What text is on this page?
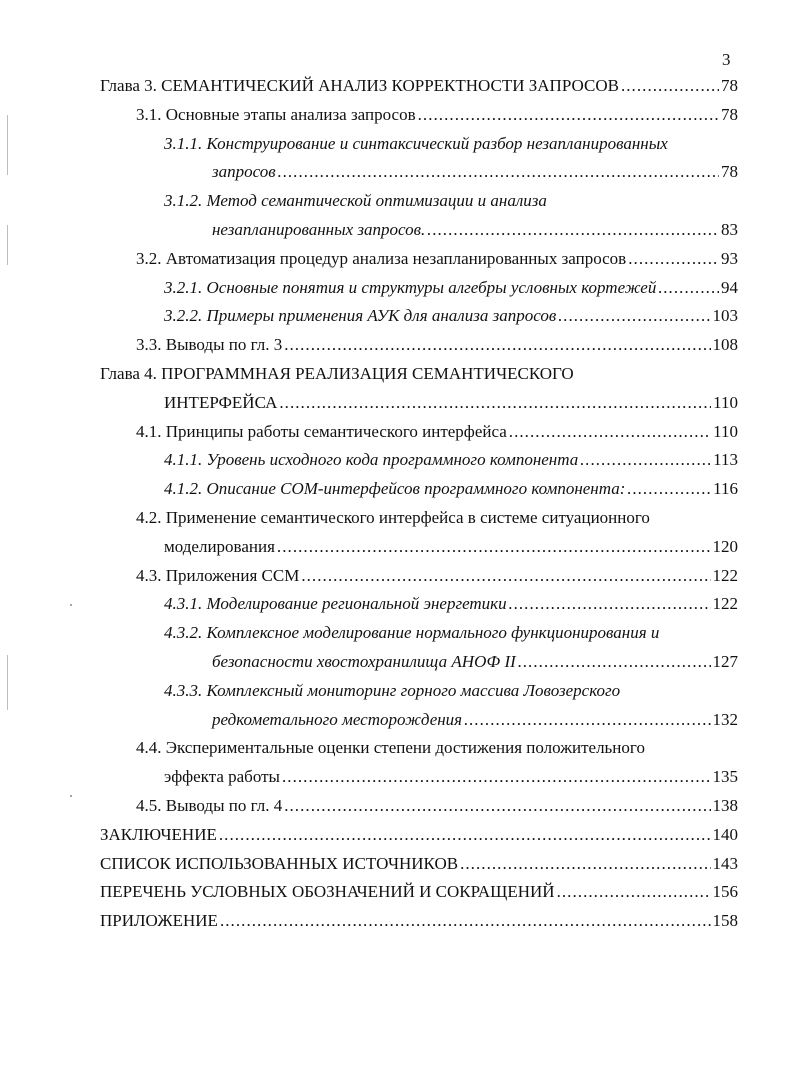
3
Глава 3. СЕМАНТИЧЕСКИЙ АНАЛИЗ КОРРЕКТНОСТИ ЗАПРОСОВ . . .	78
3.1. Основные этапы анализа запросов . . .	78
3.1.1. Конструирование и синтаксический разбор незапланированных
запросов . . .	78
3.1.2. Метод семантической оптимизации и анализа
незапланированных запросов. . . .	83
3.2. Автоматизация процедур анализа незапланированных запросов . . .	93
3.2.1. Основные понятия и структуры алгебры условных кортежей . . .	94
3.2.2. Примеры применения АУК для анализа запросов . . .	103
3.3. Выводы по гл. 3 . . .	108
Глава 4. ПРОГРАММНАЯ РЕАЛИЗАЦИЯ СЕМАНТИЧЕСКОГО
ИНТЕРФЕЙСА . . .	110
4.1. Принципы работы семантического интерфейса . . .	110
4.1.1. Уровень исходного кода программного компонента . . .	113
4.1.2. Описание COM-интерфейсов программного компонента: . . .	116
4.2. Применение семантического интерфейса в системе ситуационного
моделирования . . .	120
4.3. Приложения ССМ . . .	122
4.3.1. Моделирование региональной энергетики . . .	122
4.3.2. Комплексное моделирование нормального функционирования и
безопасности хвостохранилища АНОФ II . . .	127
4.3.3. Комплексный мониторинг горного массива Ловозерского
редкометального месторождения . . .	132
4.4. Экспериментальные оценки степени достижения положительного
эффекта работы . . .	135
4.5. Выводы по гл. 4 . . .	138
ЗАКЛЮЧЕНИЕ . . .	140
СПИСОК ИСПОЛЬЗОВАННЫХ ИСТОЧНИКОВ . . .	143
ПЕРЕЧЕНЬ УСЛОВНЫХ ОБОЗНАЧЕНИЙ И СОКРАЩЕНИЙ . . .	156
ПРИЛОЖЕНИЕ . . .	158
